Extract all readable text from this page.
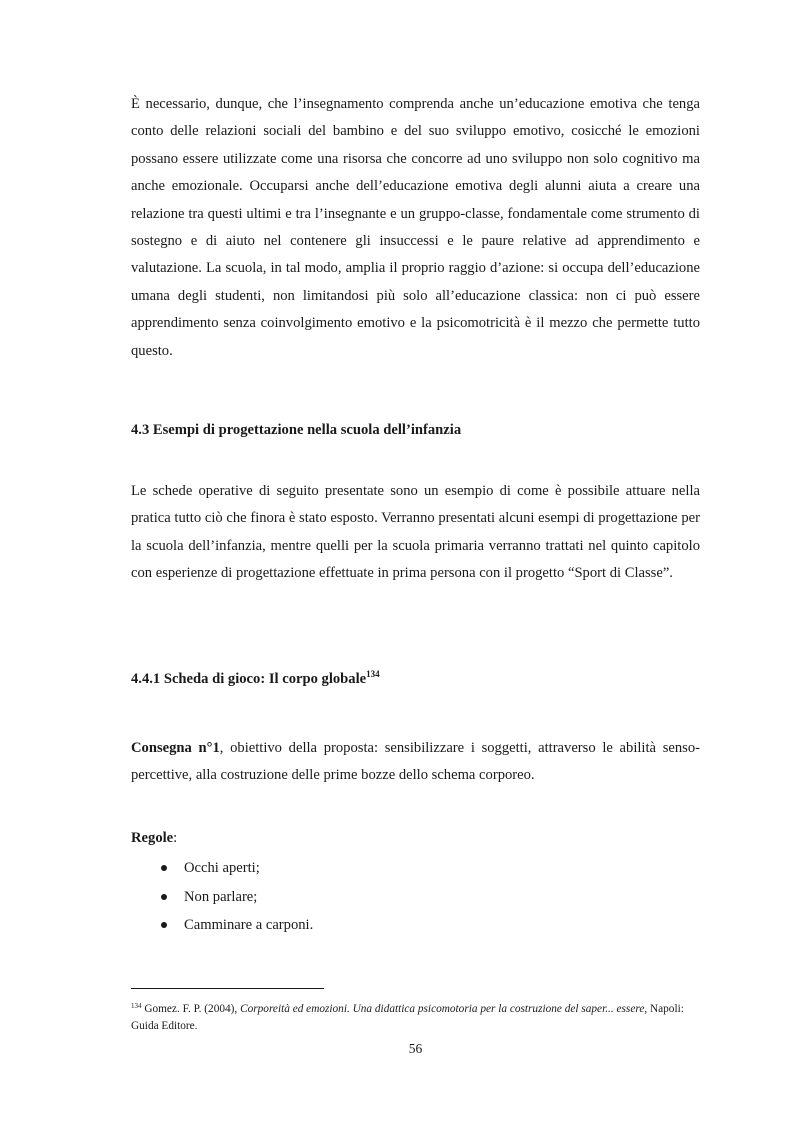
È necessario, dunque, che l’insegnamento comprenda anche un’educazione emotiva che tenga conto delle relazioni sociali del bambino e del suo sviluppo emotivo, cosicché le emozioni possano essere utilizzate come una risorsa che concorre ad uno sviluppo non solo cognitivo ma anche emozionale. Occuparsi anche dell’educazione emotiva degli alunni aiuta a creare una relazione tra questi ultimi e tra l’insegnante e un gruppo-classe, fondamentale come strumento di sostegno e di aiuto nel contenere gli insuccessi e le paure relative ad apprendimento e valutazione. La scuola, in tal modo, amplia il proprio raggio d’azione: si occupa dell’educazione umana degli studenti, non limitandosi più solo all’educazione classica: non ci può essere apprendimento senza coinvolgimento emotivo e la psicomotricità è il mezzo che permette tutto questo.

4.3 Esempi di progettazione nella scuola dell’infanzia

Le schede operative di seguito presentate sono un esempio di come è possibile attuare nella pratica tutto ciò che finora è stato esposto. Verranno presentati alcuni esempi di progettazione per la scuola dell’infanzia, mentre quelli per la scuola primaria verranno trattati nel quinto capitolo con esperienze di progettazione effettuate in prima persona con il progetto “Sport di Classe”.

4.4.1 Scheda di gioco: Il corpo globale$^{134}$

Consegna n°1, obiettivo della proposta: sensibilizzare i soggetti, attraverso le abilità senso-percettive, alla costruzione delle prime bozze dello schema corporeo.

Regole:
Occhi aperti;
Non parlare;
Camminare a carponi.

$^{134}$ Gomez. F. P. (2004), Corporeità ed emozioni. Una didattica psicomotoria per la costruzione del saper... essere, Napoli: Guida Editore.

56
